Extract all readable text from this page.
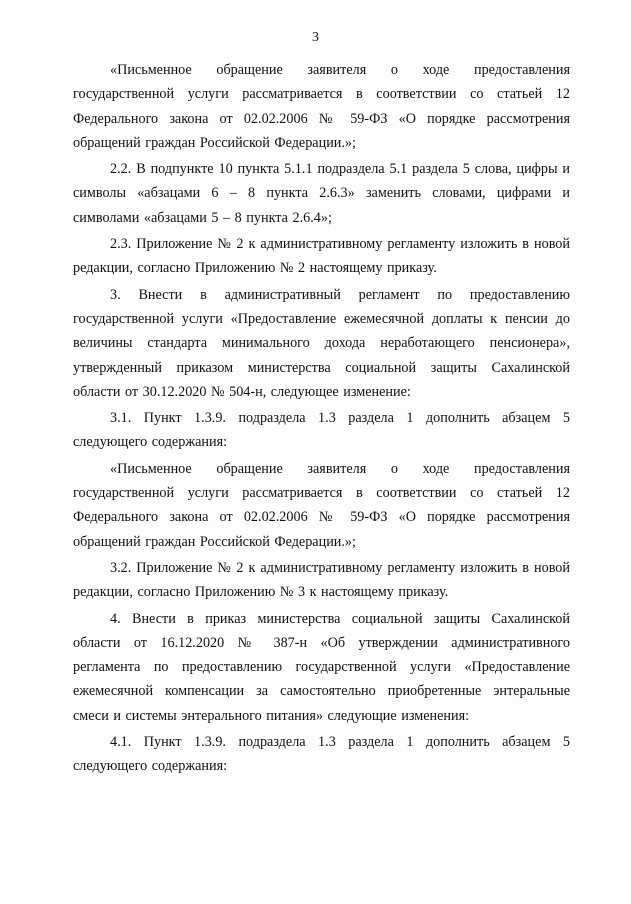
3

«Письменное обращение заявителя о ходе предоставления государственной услуги рассматривается в соответствии со статьей 12 Федерального закона от 02.02.2006 № 59-ФЗ «О порядке рассмотрения обращений граждан Российской Федерации.»;

2.2. В подпункте 10 пункта 5.1.1 подраздела 5.1 раздела 5 слова, цифры и символы «абзацами 6 – 8 пункта 2.6.3» заменить словами, цифрами и символами «абзацами 5 – 8 пункта 2.6.4»;

2.3. Приложение № 2 к административному регламенту изложить в новой редакции, согласно Приложению № 2 настоящему приказу.

3. Внести в административный регламент по предоставлению государственной услуги «Предоставление ежемесячной доплаты к пенсии до величины стандарта минимального дохода неработающего пенсионера», утвержденный приказом министерства социальной защиты Сахалинской области от 30.12.2020 № 504-н, следующее изменение:

3.1. Пункт 1.3.9. подраздела 1.3 раздела 1 дополнить абзацем 5 следующего содержания:

«Письменное обращение заявителя о ходе предоставления государственной услуги рассматривается в соответствии со статьей 12 Федерального закона от 02.02.2006 № 59-ФЗ «О порядке рассмотрения обращений граждан Российской Федерации.»;

3.2. Приложение № 2 к административному регламенту изложить в новой редакции, согласно Приложению № 3 к настоящему приказу.

4. Внести в приказ министерства социальной защиты Сахалинской области от 16.12.2020 № 387-н «Об утверждении административного регламента по предоставлению государственной услуги «Предоставление ежемесячной компенсации за самостоятельно приобретенные энтеральные смеси и системы энтерального питания» следующие изменения:

4.1. Пункт 1.3.9. подраздела 1.3 раздела 1 дополнить абзацем 5 следующего содержания:
